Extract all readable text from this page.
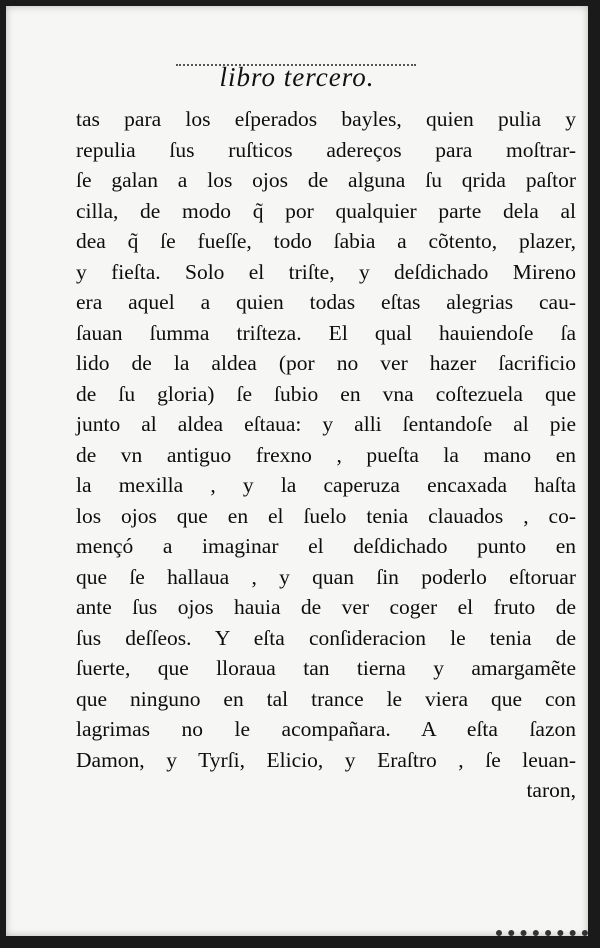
libro tercero.
tas para los eſperados bayles, quien pulia y
repulia ſus ruſticos adereços para moſtrar-
ſe galan a los ojos de alguna ſu qrida paſtor
cilla, de modo q̃ por qualquier parte dela al
dea q̃ ſe fueſſe, todo ſabia a cõtento, plazer,
y fieſta. Solo el triſte, y deſdichado Mireno
era aquel a quien todas eſtas alegrias cau-
ſauan ſumma triſteza. El qual hauiendoſe ſa
lido de la aldea (por no ver hazer ſacrificio
de ſu gloria) ſe ſubio en vna coſtezuela que
junto al aldea eſtaua: y alli ſentandoſe al pie
de vn antiguo frexno , pueſta la mano en
la mexilla , y la caperuza encaxada haſta
los ojos que en el ſuelo tenia clauados , co-
mençó a imaginar el deſdichado punto en
que ſe hallaua , y quan ſin poderlo eſtoruar
ante ſus ojos hauia de ver coger el fruto de
ſus deſſeos. Y eſta conſideracion le tenia de
ſuerte, que lloraua tan tierna y amargamẽte
que ninguno en tal trance le viera que con
lagrimas no le acompañara. A eſta ſazon
Damon, y Tyrſi, Elicio, y Eraſtro , ſe leuan-
taron,
